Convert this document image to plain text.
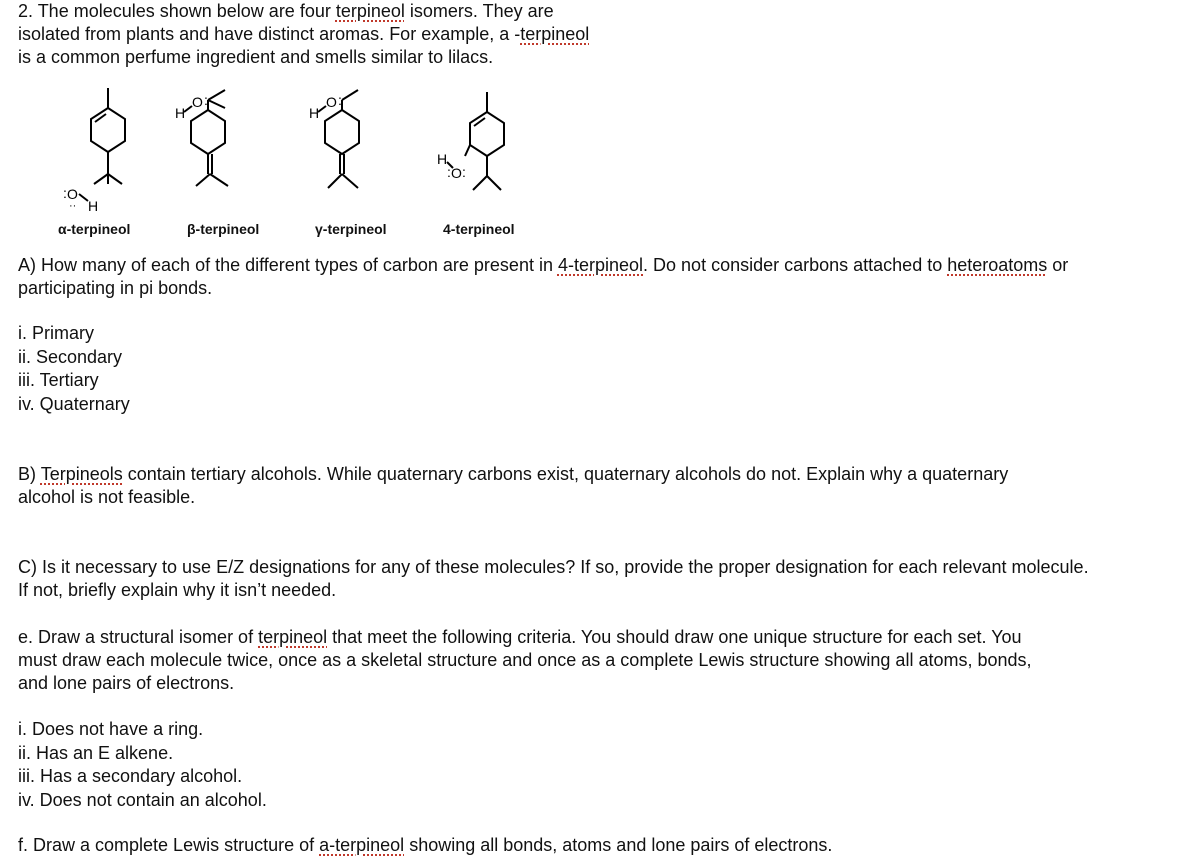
2. The molecules shown below are four terpineol isomers. They are

isolated from plants and have distinct aromas. For example, a -terpineol

is a common perfume ingredient and smells similar to lilacs.

: O
·· H
H
O :
H
O :
H
O
: :
α-terpineol	β-terpineol	γ-terpineol	4-terpineol

A) How many of each of the different types of carbon are present in 4-terpineol. Do not consider carbons attached to heteroatoms or

participating in pi bonds.

i. Primary
ii. Secondary
iii. Tertiary
iv. Quaternary

B) Terpineols contain tertiary alcohols. While quaternary carbons exist, quaternary alcohols do not. Explain why a quaternary

alcohol is not feasible.

C) Is it necessary to use E/Z designations for any of these molecules? If so, provide the proper designation for each relevant molecule.

If not, briefly explain why it isn’t needed.

e. Draw a structural isomer of terpineol that meet the following criteria. You should draw one unique structure for each set. You

must draw each molecule twice, once as a skeletal structure and once as a complete Lewis structure showing all atoms, bonds,

and lone pairs of electrons.

i. Does not have a ring.
ii. Has an E alkene.
iii. Has a secondary alcohol.
iv. Does not contain an alcohol.

f. Draw a complete Lewis structure of a-terpineol showing all bonds, atoms and lone pairs of electrons.
